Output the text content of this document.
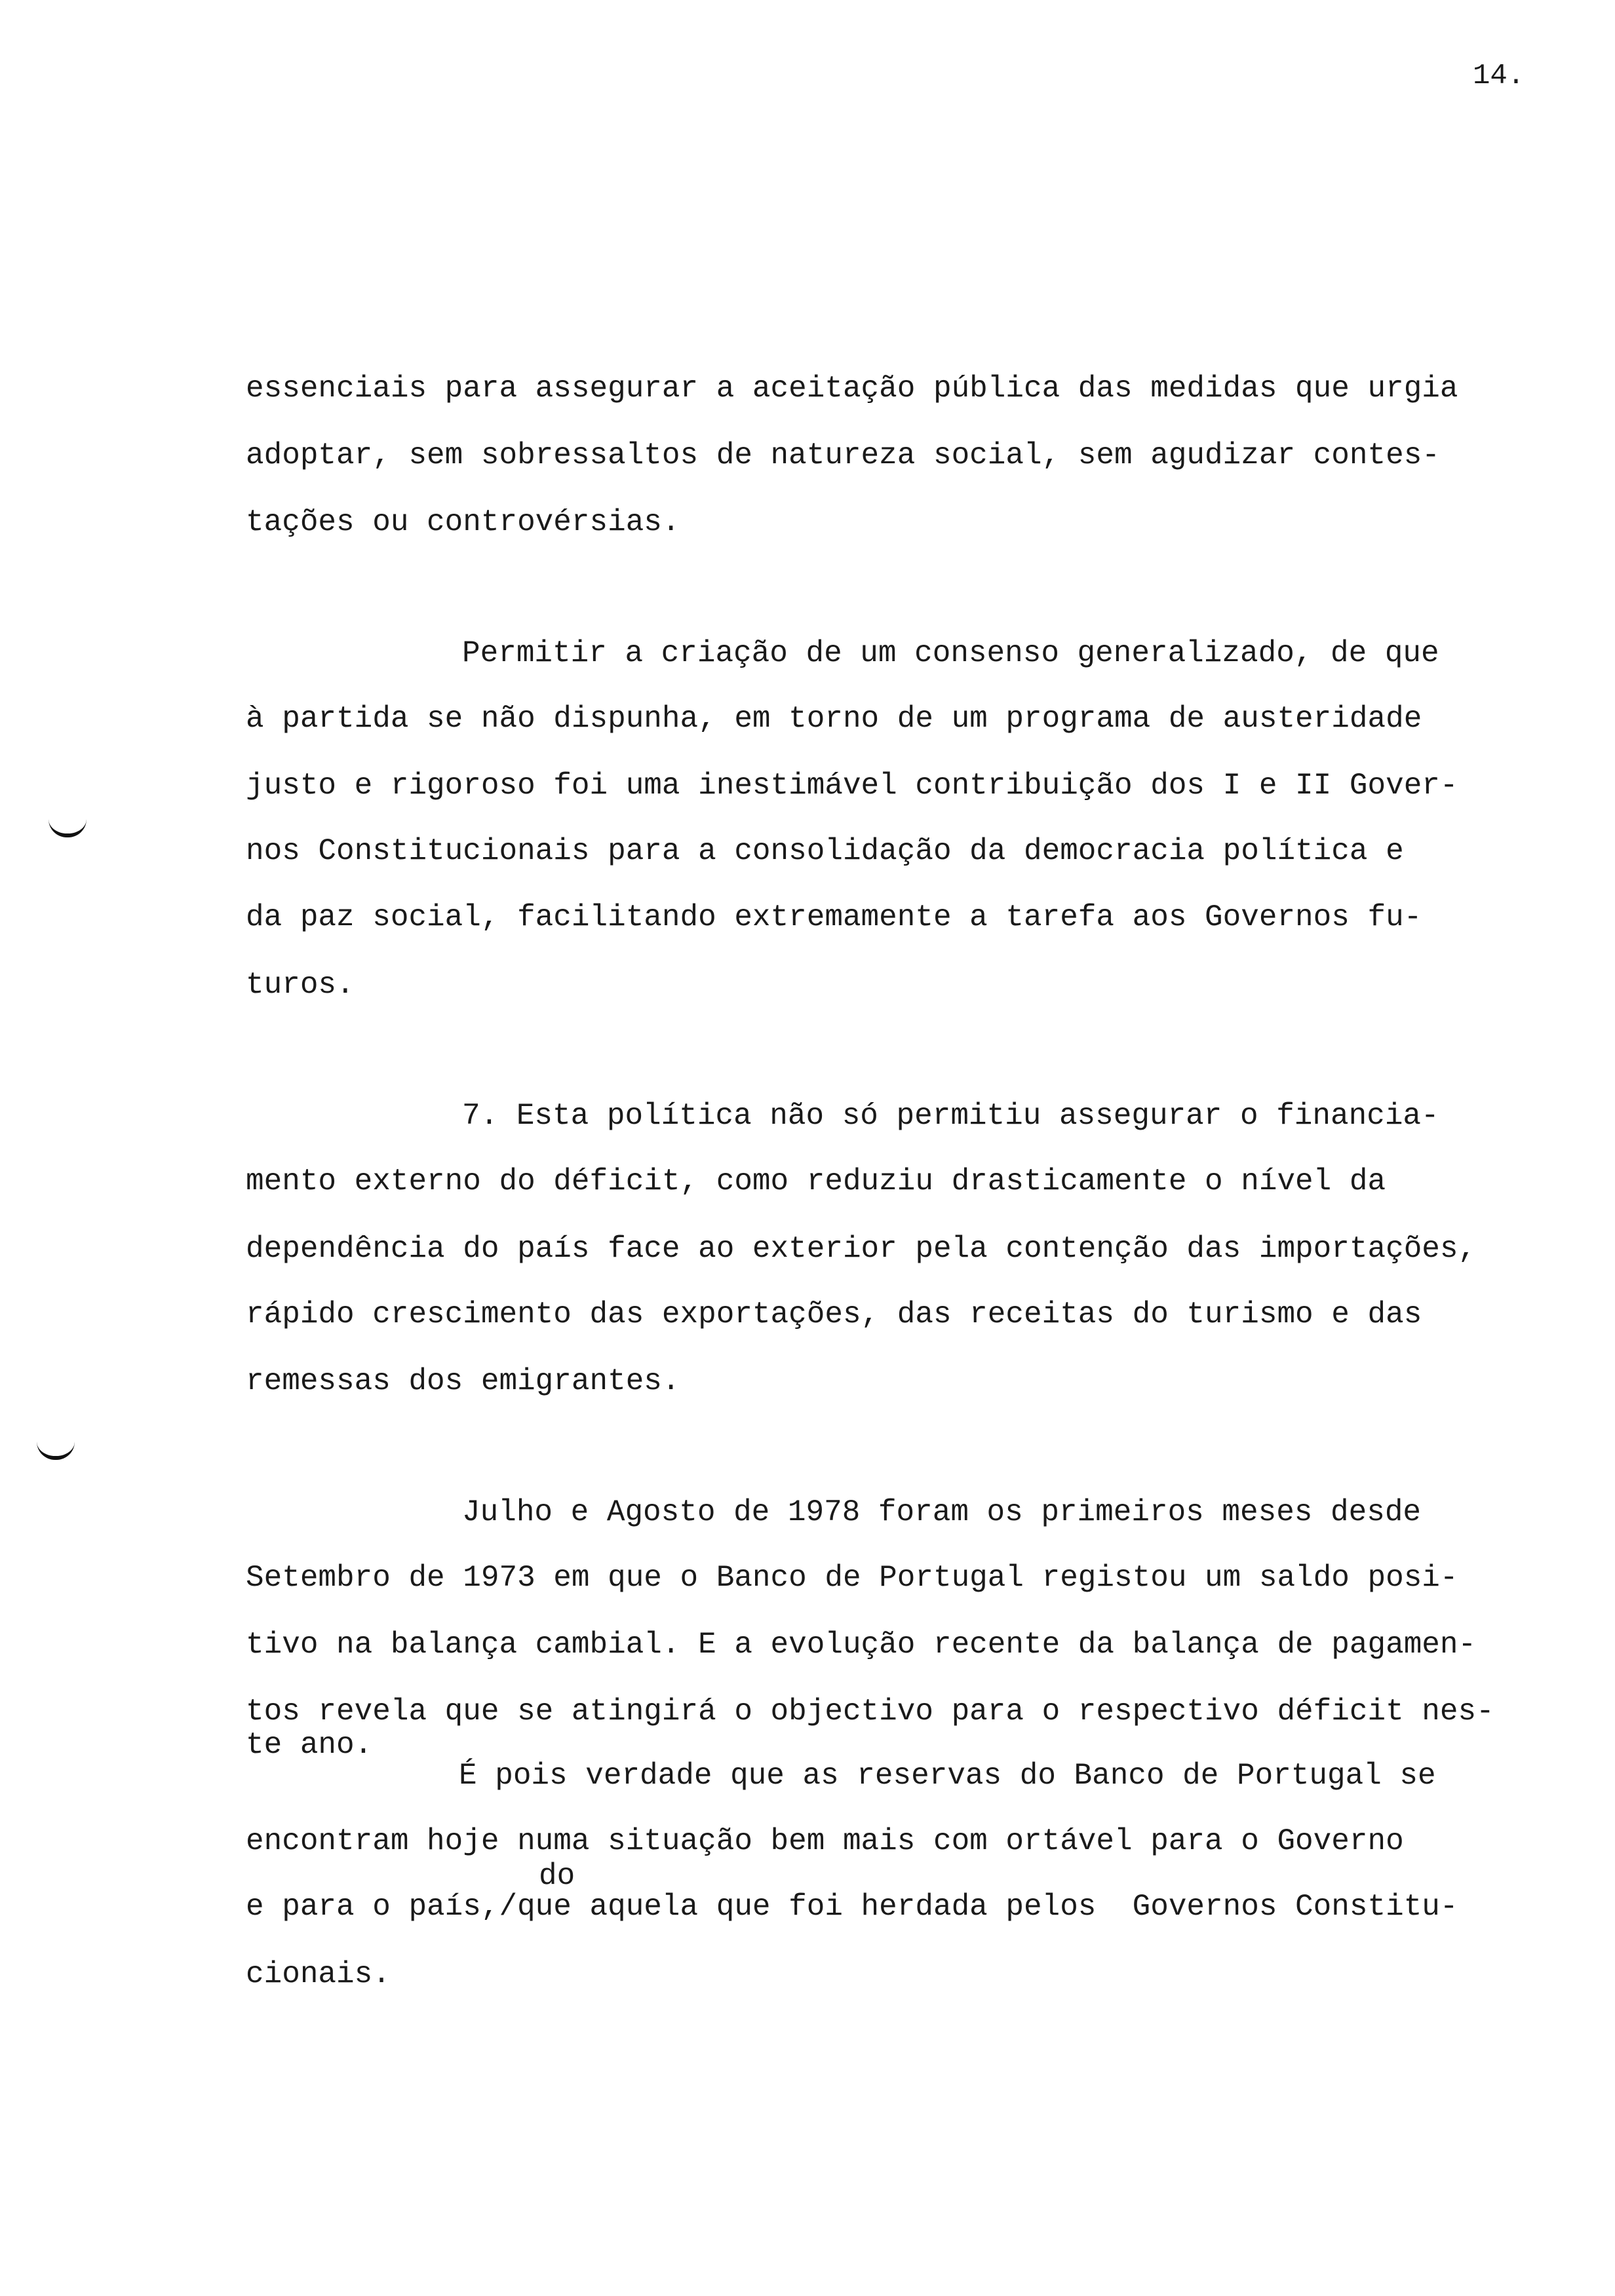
14.
essenciais para assegurar a aceitação pública das medidas que urgia
adoptar, sem sobressaltos de natureza social, sem agudizar contes-
tações ou controvérsias.
Permitir a criação de um consenso generalizado, de que
à partida se não dispunha, em torno de um programa de austeridade
justo e rigoroso foi uma inestimável contribuição dos I e II Gover-
nos Constitucionais para a consolidação da democracia política e
da paz social, facilitando extremamente a tarefa aos Governos fu-
turos.
7. Esta política não só permitiu assegurar o financia-
mento externo do déficit, como reduziu drasticamente o nível da
dependência do país face ao exterior pela contenção das importações,
rápido crescimento das exportações, das receitas do turismo e das
remessas dos emigrantes.
Julho e Agosto de 1978 foram os primeiros meses desde
Setembro de 1973 em que o Banco de Portugal registou um saldo posi-
tivo na balança cambial. E a evolução recente da balança de pagamen-
tos revela que se atingirá o objectivo para o respectivo déficit nes-
te ano.
É pois verdade que as reservas do Banco de Portugal se
encontram hoje numa situação bem mais com ortável para o Governo
do
e para o país,/que aquela que foi herdada pelos  Governos Constitu-
cionais.
